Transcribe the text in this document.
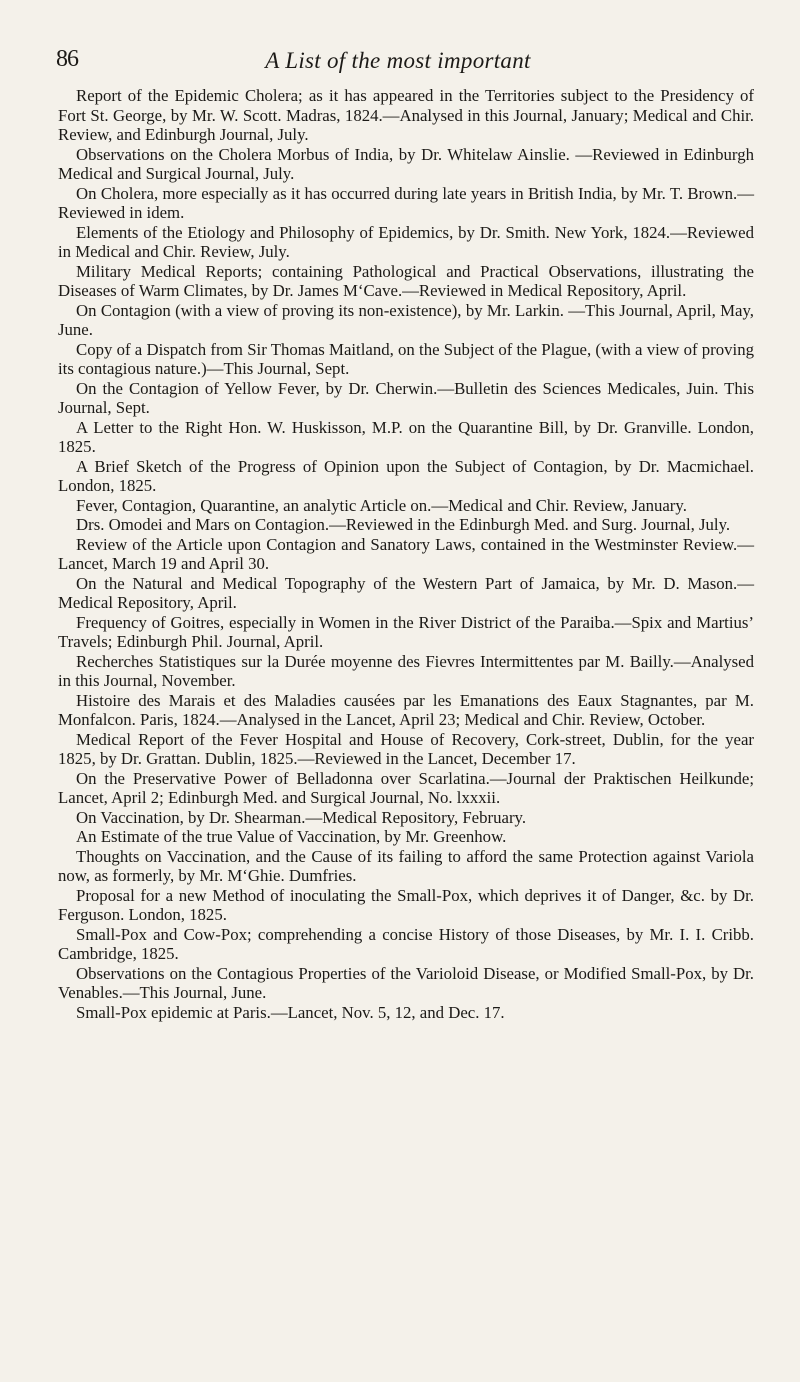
86	A List of the most important

Report of the Epidemic Cholera; as it has appeared in the Territories subject to the Presidency of Fort St. George, by Mr. W. Scott. Madras, 1824.—Analysed in this Journal, January; Medical and Chir. Review, and Edinburgh Journal, July.

Observations on the Cholera Morbus of India, by Dr. Whitelaw Ainslie. —Reviewed in Edinburgh Medical and Surgical Journal, July.

On Cholera, more especially as it has occurred during late years in British India, by Mr. T. Brown.—Reviewed in idem.

Elements of the Etiology and Philosophy of Epidemics, by Dr. Smith. New York, 1824.—Reviewed in Medical and Chir. Review, July.

Military Medical Reports; containing Pathological and Practical Observations, illustrating the Diseases of Warm Climates, by Dr. James M‘Cave.—Reviewed in Medical Repository, April.

On Contagion (with a view of proving its non-existence), by Mr. Larkin. —This Journal, April, May, June.

Copy of a Dispatch from Sir Thomas Maitland, on the Subject of the Plague, (with a view of proving its contagious nature.)—This Journal, Sept.

On the Contagion of Yellow Fever, by Dr. Cherwin.—Bulletin des Sciences Medicales, Juin. This Journal, Sept.

A Letter to the Right Hon. W. Huskisson, M.P. on the Quarantine Bill, by Dr. Granville. London, 1825.

A Brief Sketch of the Progress of Opinion upon the Subject of Contagion, by Dr. Macmichael. London, 1825.

Fever, Contagion, Quarantine, an analytic Article on.—Medical and Chir. Review, January.

Drs. Omodei and Mars on Contagion.—Reviewed in the Edinburgh Med. and Surg. Journal, July.

Review of the Article upon Contagion and Sanatory Laws, contained in the Westminster Review.—Lancet, March 19 and April 30.

On the Natural and Medical Topography of the Western Part of Jamaica, by Mr. D. Mason.—Medical Repository, April.

Frequency of Goitres, especially in Women in the River District of the Paraiba.—Spix and Martius’ Travels; Edinburgh Phil. Journal, April.

Recherches Statistiques sur la Durée moyenne des Fievres Intermittentes par M. Bailly.—Analysed in this Journal, November.

Histoire des Marais et des Maladies causées par les Emanations des Eaux Stagnantes, par M. Monfalcon. Paris, 1824.—Analysed in the Lancet, April 23; Medical and Chir. Review, October.

Medical Report of the Fever Hospital and House of Recovery, Cork-street, Dublin, for the year 1825, by Dr. Grattan. Dublin, 1825.—Reviewed in the Lancet, December 17.

On the Preservative Power of Belladonna over Scarlatina.—Journal der Praktischen Heilkunde; Lancet, April 2; Edinburgh Med. and Surgical Journal, No. lxxxii.

On Vaccination, by Dr. Shearman.—Medical Repository, February.

An Estimate of the true Value of Vaccination, by Mr. Greenhow.

Thoughts on Vaccination, and the Cause of its failing to afford the same Protection against Variola now, as formerly, by Mr. M‘Ghie. Dumfries.

Proposal for a new Method of inoculating the Small-Pox, which deprives it of Danger, &c. by Dr. Ferguson. London, 1825.

Small-Pox and Cow-Pox; comprehending a concise History of those Diseases, by Mr. I. I. Cribb. Cambridge, 1825.

Observations on the Contagious Properties of the Varioloid Disease, or Modified Small-Pox, by Dr. Venables.—This Journal, June.

Small-Pox epidemic at Paris.—Lancet, Nov. 5, 12, and Dec. 17.
